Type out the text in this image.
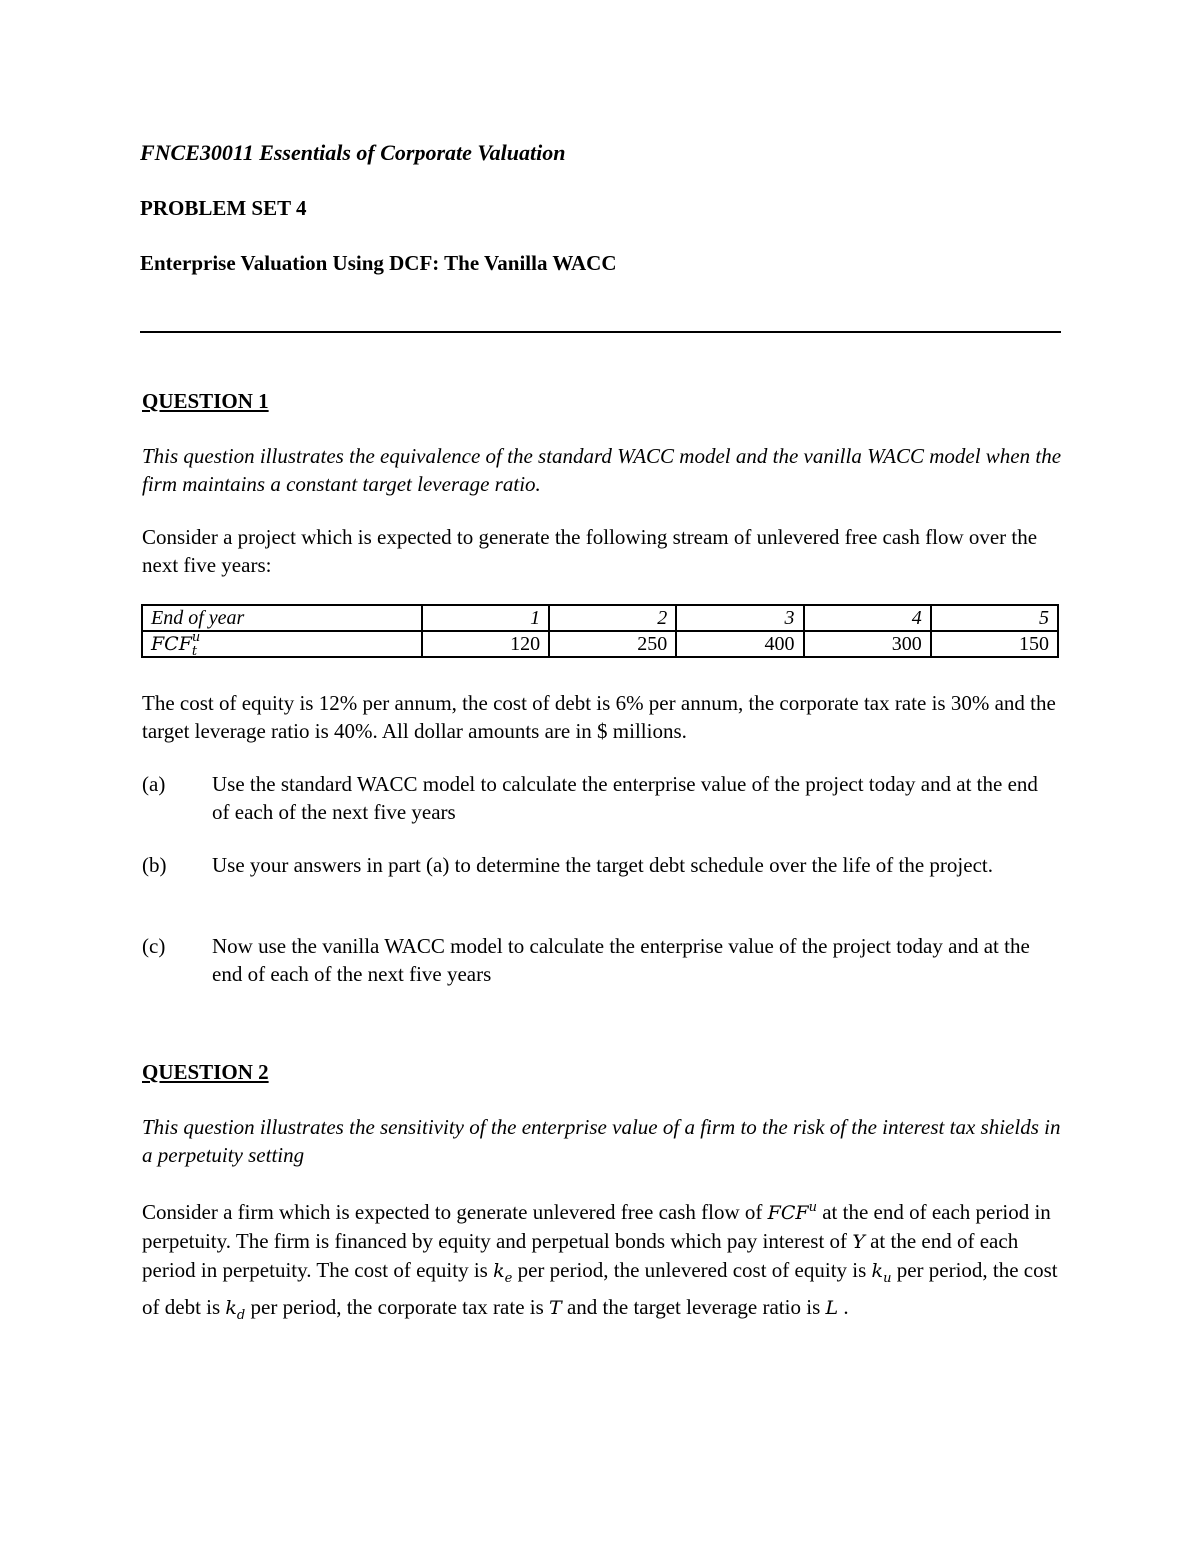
FNCE30011 Essentials of Corporate Valuation
PROBLEM SET 4
Enterprise Valuation Using DCF: The Vanilla WACC
QUESTION 1
This question illustrates the equivalence of the standard WACC model and the vanilla WACC model when the firm maintains a constant target leverage ratio.
Consider a project which is expected to generate the following stream of unlevered free cash flow over the next five years:
End of year	1	2	3	4	5
FCF u
t	120	250	400	300	150
The cost of equity is 12% per annum, the cost of debt is 6% per annum, the corporate tax rate is 30% and the target leverage ratio is 40%. All dollar amounts are in $ millions.
(a) Use the standard WACC model to calculate the enterprise value of the project today and at the end of each of the next five years
(b) Use your answers in part (a) to determine the target debt schedule over the life of the project.
(c) Now use the vanilla WACC model to calculate the enterprise value of the project today and at the end of each of the next five years
QUESTION 2
This question illustrates the sensitivity of the enterprise value of a firm to the risk of the interest tax shields in a perpetuity setting
Consider a firm which is expected to generate unlevered free cash flow of FCF$^u$ at the end of each period in perpetuity. The firm is financed by equity and perpetual bonds which pay interest of Y at the end of each period in perpetuity. The cost of equity is $k_e$ per period, the unlevered cost of equity is $k_u$ per period, the cost of debt is $k_d$ per period, the corporate tax rate is T and the target leverage ratio is L .
